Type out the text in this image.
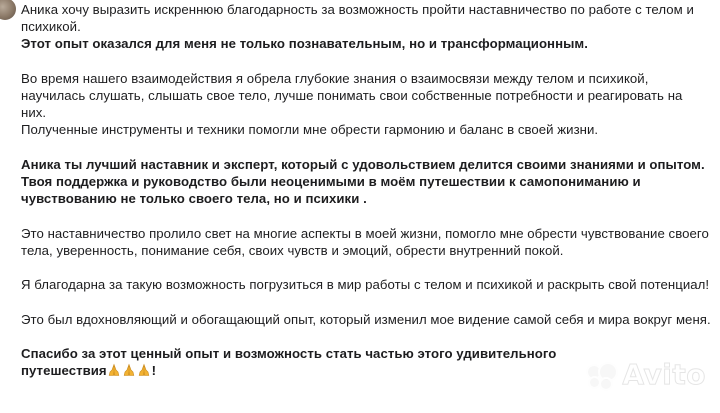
Аника хочу выразить искреннюю благодарность за возможность пройти наставничество по работе с телом и психикой.
Этот опыт оказался для меня не только познавательным, но и трансформационным.

Во время нашего взаимодействия я обрела глубокие знания о взаимосвязи между телом и психикой, научилась слушать, слышать свое тело, лучше понимать свои собственные потребности и реагировать на них.
Полученные инструменты и техники помогли мне обрести гармонию и баланс в своей жизни.

Аника ты лучший наставник и эксперт, который с удовольствием делится своими знаниями и опытом. Твоя поддержка и руководство были неоценимыми в моём путешествии к самопониманию и чувствованию не только своего тела, но и психики .

Это наставничество пролило свет на многие аспекты в моей жизни, помогло мне обрести чувствование своего тела, уверенность, понимание себя, своих чувств и эмоций, обрести внутренний покой.

Я благодарна за такую возможность погрузиться в мир работы с телом и психикой и раскрыть свой потенциал!

Это был вдохновляющий и обогащающий опыт, который изменил мое видение самой себя и мира вокруг меня.

Спасибо за этот ценный опыт и возможность стать частью этого удивительного
путешествия	!	Avito
